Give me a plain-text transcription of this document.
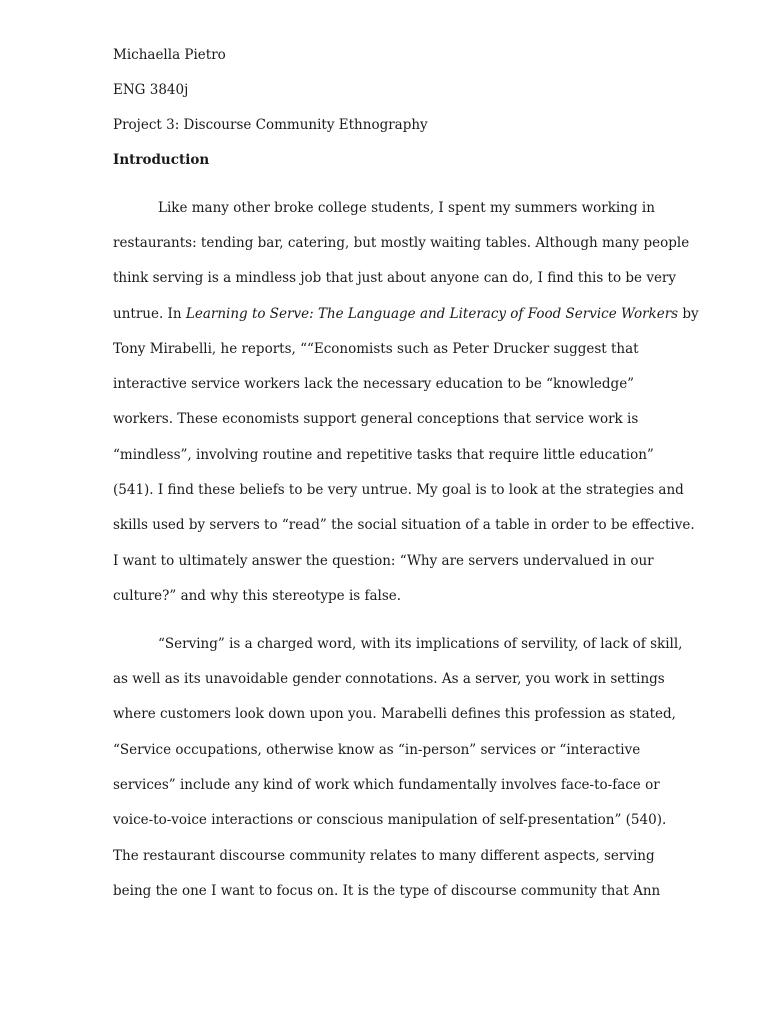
Michaella Pietro
ENG 3840j
Project 3: Discourse Community Ethnography
Introduction
Like many other broke college students, I spent my summers working in
restaurants: tending bar, catering, but mostly waiting tables. Although many people
think serving is a mindless job that just about anyone can do, I find this to be very
untrue. In Learning to Serve: The Language and Literacy of Food Service Workers by
Tony Mirabelli, he reports, ““Economists such as Peter Drucker suggest that
interactive service workers lack the necessary education to be “knowledge”
workers. These economists support general conceptions that service work is
“mindless”, involving routine and repetitive tasks that require little education”
(541). I find these beliefs to be very untrue. My goal is to look at the strategies and
skills used by servers to “read” the social situation of a table in order to be effective.
I want to ultimately answer the question: “Why are servers undervalued in our
culture?” and why this stereotype is false.
“Serving” is a charged word, with its implications of servility, of lack of skill,
as well as its unavoidable gender connotations. As a server, you work in settings
where customers look down upon you. Marabelli defines this profession as stated,
“Service occupations, otherwise know as “in-person” services or “interactive
services” include any kind of work which fundamentally involves face-to-face or
voice-to-voice interactions or conscious manipulation of self-presentation” (540).
The restaurant discourse community relates to many different aspects, serving
being the one I want to focus on. It is the type of discourse community that Ann
